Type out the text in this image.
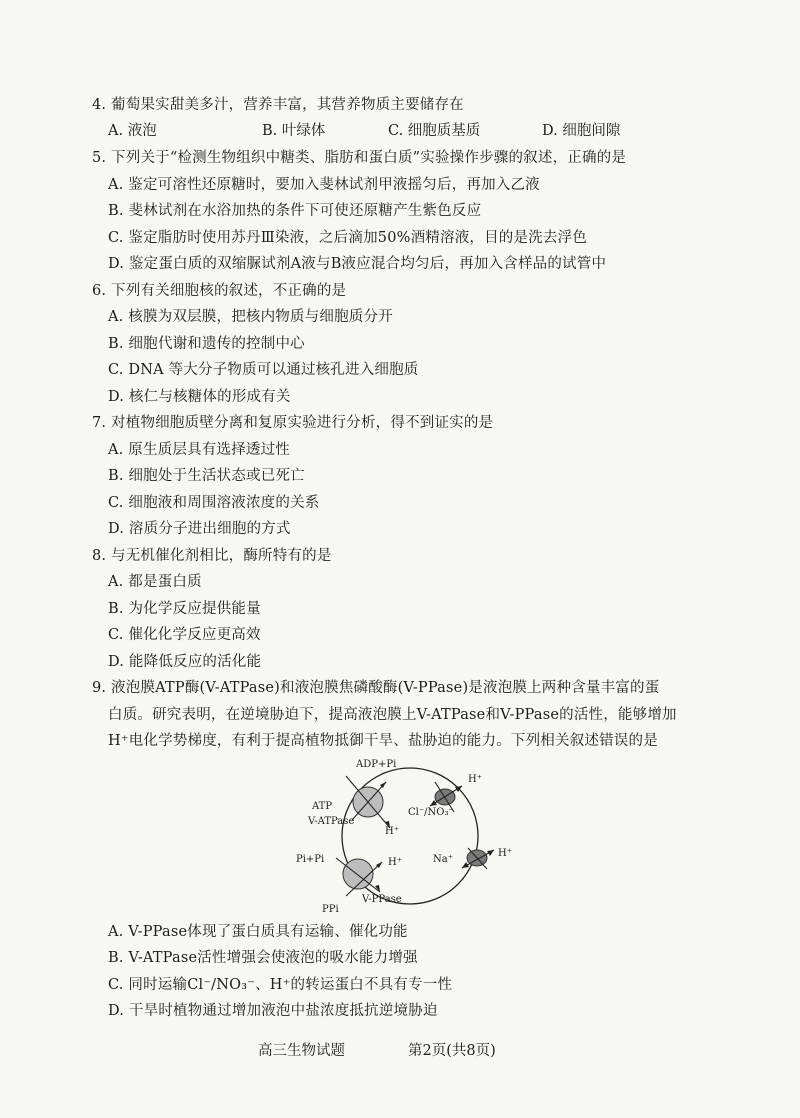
4. 葡萄果实甜美多汁，营养丰富，其营养物质主要储存在
A. 液泡	B. 叶绿体	C. 细胞质基质	D. 细胞间隙
5. 下列关于“检测生物组织中糖类、脂肪和蛋白质”实验操作步骤的叙述，正确的是
A. 鉴定可溶性还原糖时，要加入斐林试剂甲液摇匀后，再加入乙液
B. 斐林试剂在水浴加热的条件下可使还原糖产生紫色反应
C. 鉴定脂肪时使用苏丹Ⅲ染液，之后滴加50%酒精溶液，目的是洗去浮色
D. 鉴定蛋白质的双缩脲试剂A液与B液应混合均匀后，再加入含样品的试管中
6. 下列有关细胞核的叙述，不正确的是
A. 核膜为双层膜，把核内物质与细胞质分开
B. 细胞代谢和遗传的控制中心
C. DNA 等大分子物质可以通过核孔进入细胞质
D. 核仁与核糖体的形成有关
7. 对植物细胞质壁分离和复原实验进行分析，得不到证实的是
A. 原生质层具有选择透过性
B. 细胞处于生活状态或已死亡
C. 细胞液和周围溶液浓度的关系
D. 溶质分子进出细胞的方式
8. 与无机催化剂相比，酶所特有的是
A. 都是蛋白质
B. 为化学反应提供能量
C. 催化化学反应更高效
D. 能降低反应的活化能
9. 液泡膜ATP酶(V-ATPase)和液泡膜焦磷酸酶(V-PPase)是液泡膜上两种含量丰富的蛋
白质。研究表明，在逆境胁迫下，提高液泡膜上V-ATPase和V-PPase的活性，能够增加
H⁺电化学势梯度，有利于提高植物抵御干旱、盐胁迫的能力。下列相关叙述错误的是
ADP+Pi
ATP
V-ATPase
H⁺
Cl⁻/NO₃⁻
H⁺
Pi+Pi	H⁺	Na⁺
H⁺
V-PPase
PPi
A. V-PPase体现了蛋白质具有运输、催化功能
B. V-ATPase活性增强会使液泡的吸水能力增强
C. 同时运输Cl⁻/NO₃⁻、H⁺的转运蛋白不具有专一性
D. 干旱时植物通过增加液泡中盐浓度抵抗逆境胁迫
高三生物试题	第2页(共8页)
